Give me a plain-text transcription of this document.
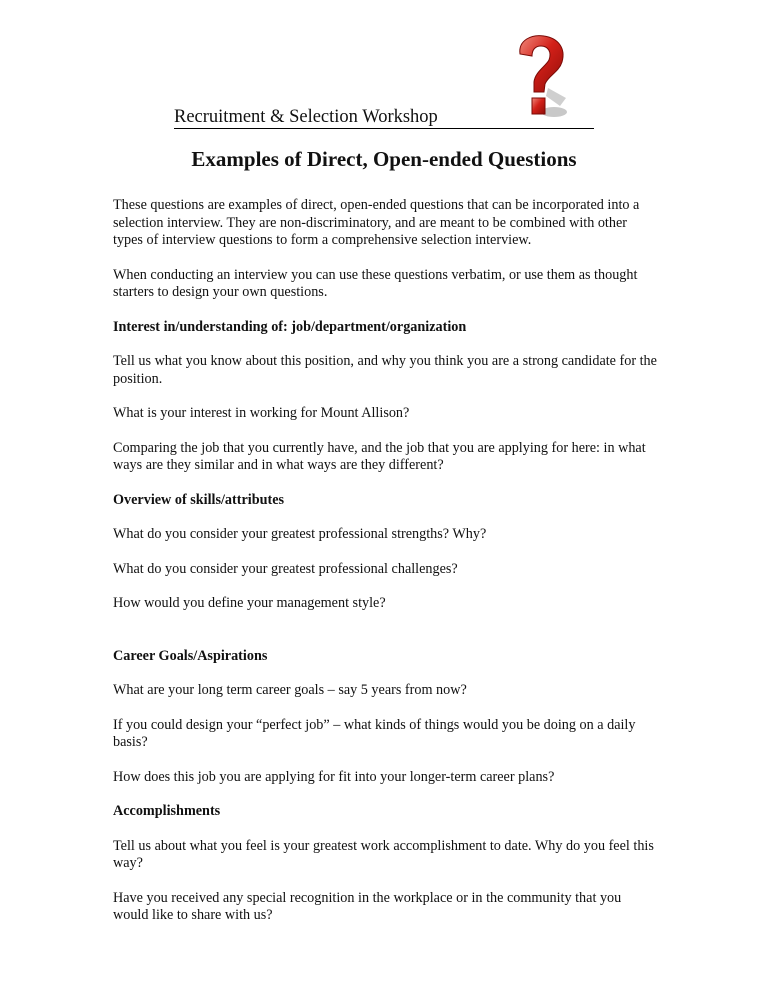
Recruitment & Selection Workshop
Examples of Direct, Open-ended Questions

These questions are examples of direct, open-ended questions that can be incorporated into a selection interview. They are non-discriminatory, and are meant to be combined with other types of interview questions to form a comprehensive selection interview.

When conducting an interview you can use these questions verbatim, or use them as thought starters to design your own questions.

Interest in/understanding of: job/department/organization

Tell us what you know about this position, and why you think you are a strong candidate for the position.

What is your interest in working for Mount Allison?

Comparing the job that you currently have, and the job that you are applying for here: in what ways are they similar and in what ways are they different?

Overview of skills/attributes

What do you consider your greatest professional strengths? Why?

What do you consider your greatest professional challenges?

How would you define your management style?

Career Goals/Aspirations

What are your long term career goals – say 5 years from now?

If you could design your “perfect job” – what kinds of things would you be doing on a daily basis?

How does this job you are applying for fit into your longer-term career plans?

Accomplishments

Tell us about what you feel is your greatest work accomplishment to date. Why do you feel this way?

Have you received any special recognition in the workplace or in the community that you would like to share with us?
